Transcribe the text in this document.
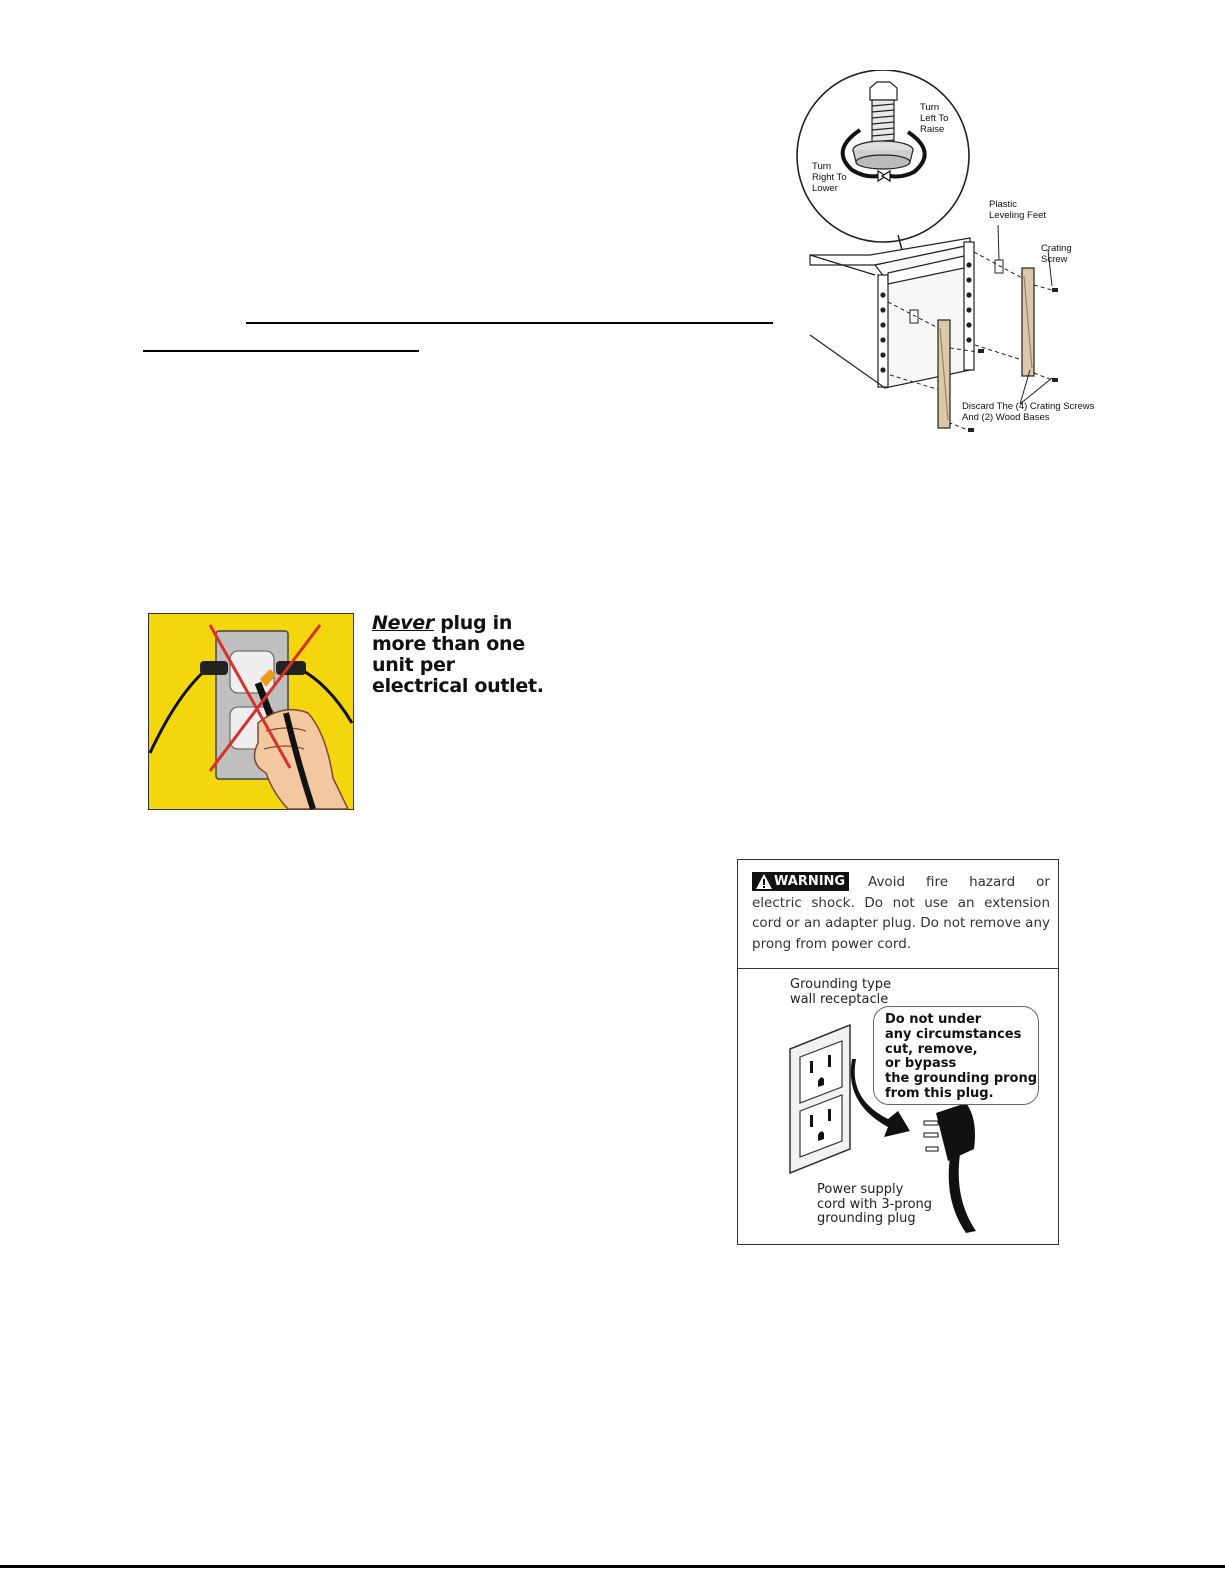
Turn
Left To
Raise
Turn
Right To
Lower
Plastic
Leveling Feet
Crating
Screw
Discard The (4) Crating Screws
And (2) Wood Bases
Never plug in more than one unit per electrical outlet.
Avoid fire hazard or electric shock. Do not use an extension cord or an adapter plug. Do not remove any prong from power cord.
WARNING
Grounding type
wall receptacle
Power supply
cord with 3-prong
grounding plug
Do not under
any circumstances
cut, remove,
or bypass
the grounding prong
from this plug.
